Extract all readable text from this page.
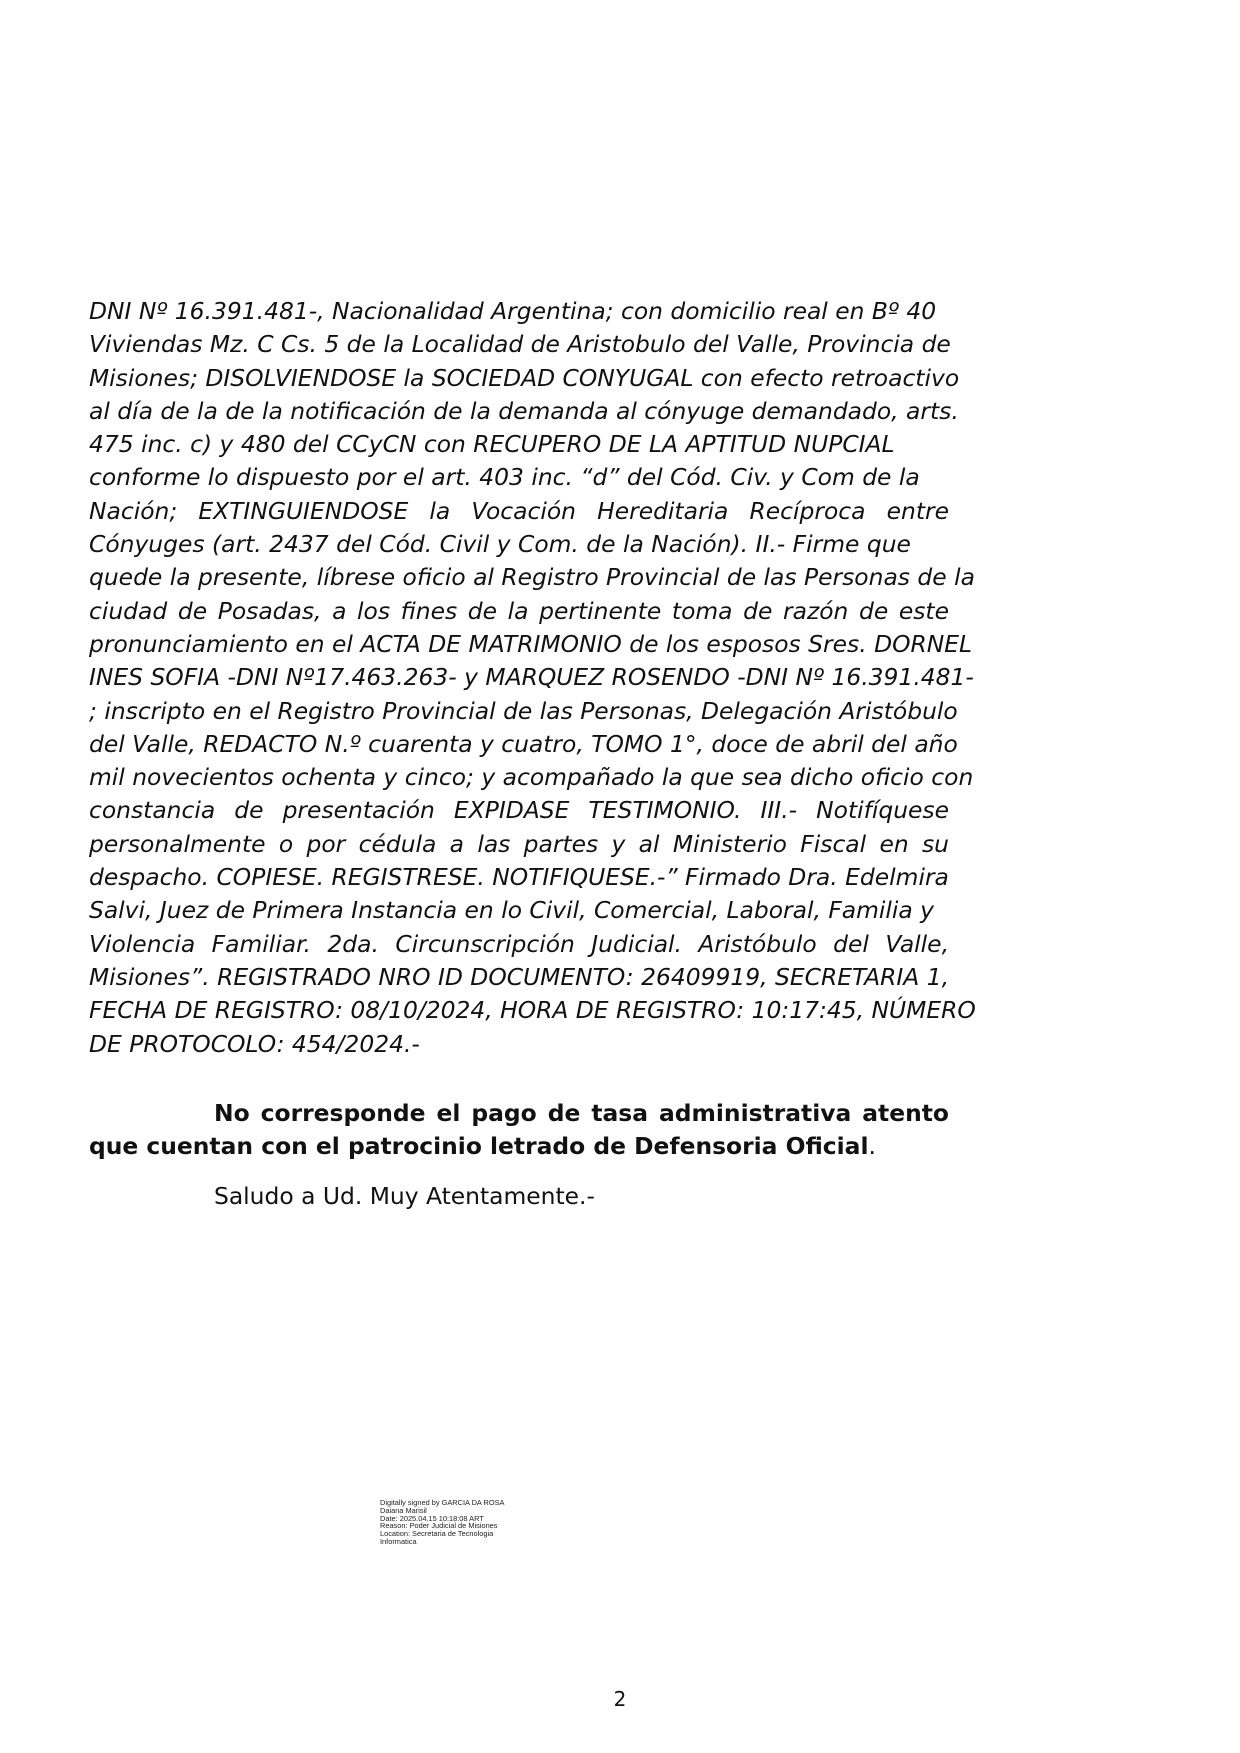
DNI Nº 16.391.481-, Nacionalidad Argentina; con domicilio real en Bº 40
Viviendas Mz. C Cs. 5 de la Localidad de Aristobulo del Valle, Provincia de
Misiones; DISOLVIENDOSE la SOCIEDAD CONYUGAL con efecto retroactivo
al día de la de la notificación de la demanda al cónyuge demandado, arts.
475 inc. c) y 480 del CCyCN con RECUPERO DE LA APTITUD NUPCIAL
conforme lo dispuesto por el art. 403 inc. “d” del Cód. Civ. y Com de la
Nación; EXTINGUIENDOSE la Vocación Hereditaria Recíproca entre
Cónyuges (art. 2437 del Cód. Civil y Com. de la Nación). II.- Firme que
quede la presente, líbrese oficio al Registro Provincial de las Personas de la
ciudad de Posadas, a los fines de la pertinente toma de razón de este
pronunciamiento en el ACTA DE MATRIMONIO de los esposos Sres. DORNEL
INES SOFIA -DNI Nº17.463.263- y MARQUEZ ROSENDO -DNI Nº 16.391.481-
; inscripto en el Registro Provincial de las Personas, Delegación Aristóbulo
del Valle, REDACTO N.º cuarenta y cuatro, TOMO 1°, doce de abril del año
mil novecientos ochenta y cinco; y acompañado la que sea dicho oficio con
constancia de presentación EXPIDASE TESTIMONIO. III.- Notifíquese
personalmente o por cédula a las partes y al Ministerio Fiscal en su
despacho. COPIESE. REGISTRESE. NOTIFIQUESE.-” Firmado Dra. Edelmira
Salvi, Juez de Primera Instancia en lo Civil, Comercial, Laboral, Familia y
Violencia Familiar. 2da. Circunscripción Judicial. Aristóbulo del Valle,
Misiones”. REGISTRADO NRO ID DOCUMENTO: 26409919, SECRETARIA 1,
FECHA DE REGISTRO: 08/10/2024, HORA DE REGISTRO: 10:17:45, NÚMERO
DE PROTOCOLO: 454/2024.-
No corresponde el pago de tasa administrativa atento
que cuentan con el patrocinio letrado de Defensoria Oficial.
Saludo a Ud. Muy Atentamente.-
Digitally signed by GARCIA DA ROSA
Daiana Marisil
Date: 2025.04.15 10:18:08 ART
Reason: Poder Judicial de Misiones
Location: Secretaria de Tecnologia
Informatica
2
